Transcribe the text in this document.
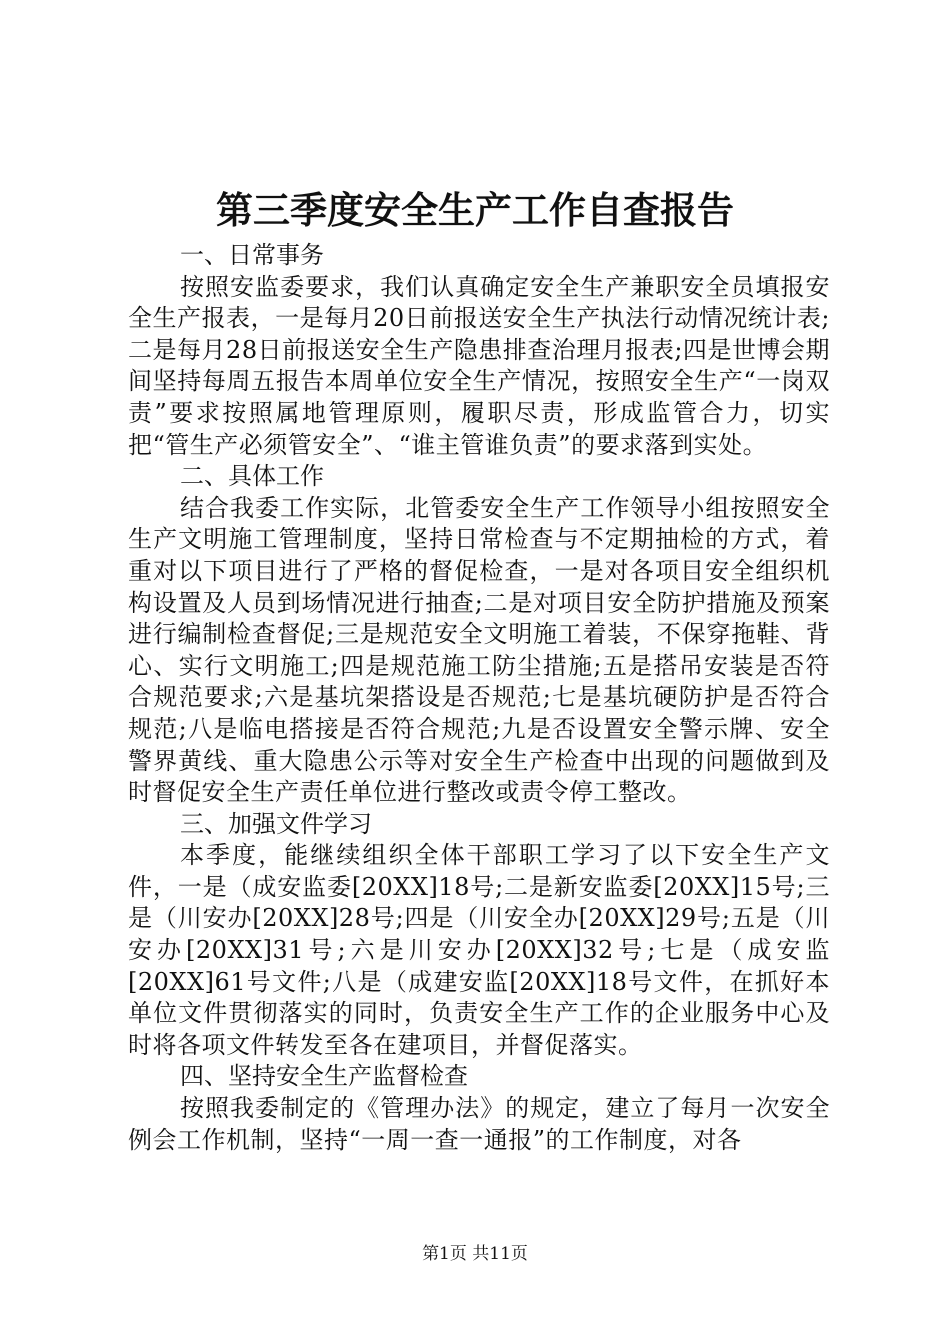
第三季度安全生产工作自查报告

一、日常事务

按照安监委要求，我们认真确定安全生产兼职安全员填报安全生产报表，一是每月20日前报送安全生产执法行动情况统计表;二是每月28日前报送安全生产隐患排查治理月报表;四是世博会期间坚持每周五报告本周单位安全生产情况，按照安全生产“一岗双责”要求按照属地管理原则，履职尽责，形成监管合力，切实把“管生产必须管安全”、“谁主管谁负责”的要求落到实处。

二、具体工作

结合我委工作实际，北管委安全生产工作领导小组按照安全生产文明施工管理制度，坚持日常检查与不定期抽检的方式，着重对以下项目进行了严格的督促检查，一是对各项目安全组织机构设置及人员到场情况进行抽查;二是对项目安全防护措施及预案进行编制检查督促;三是规范安全文明施工着装，不保穿拖鞋、背心、实行文明施工;四是规范施工防尘措施;五是搭吊安装是否符合规范要求;六是基坑架搭设是否规范;七是基坑硬防护是否符合规范;八是临电搭接是否符合规范;九是否设置安全警示牌、安全警界黄线、重大隐患公示等对安全生产检查中出现的问题做到及时督促安全生产责任单位进行整改或责令停工整改。

三、加强文件学习

本季度，能继续组织全体干部职工学习了以下安全生产文件，一是（成安监委[20XX]18号;二是新安监委[20XX]15号;三是（川安办[20XX]28号;四是（川安全办[20XX]29号;五是（川安办[20XX]31号;六是川安办[20XX]32号;七是（成安监[20XX]61号文件;八是（成建安监[20XX]18号文件，在抓好本单位文件贯彻落实的同时，负责安全生产工作的企业服务中心及时将各项文件转发至各在建项目，并督促落实。

四、坚持安全生产监督检查

按照我委制定的《管理办法》的规定，建立了每月一次安全例会工作机制，坚持“一周一查一通报”的工作制度，对各

第1页 共11页
